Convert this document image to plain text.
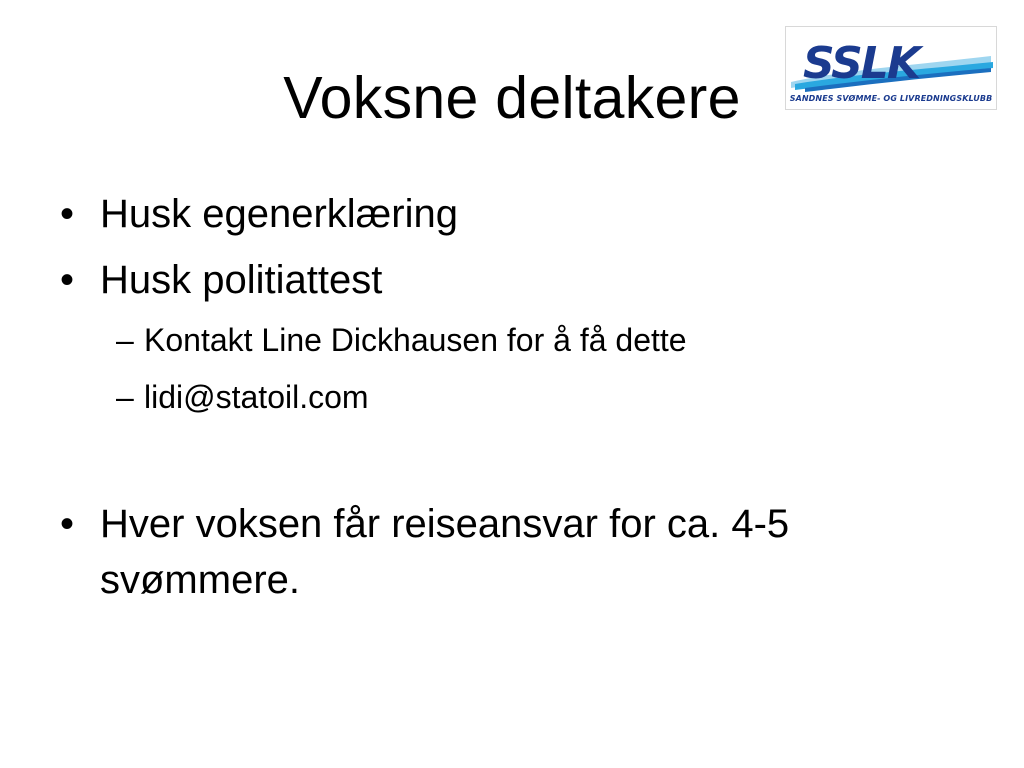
Voksne deltakere
SSLK
SANDNES SVØMME- OG LIVREDNINGSKLUBB
• Husk egenerklæring
• Husk politiattest
– Kontakt Line Dickhausen for å få dette
– lidi@statoil.com
• Hver voksen får reiseansvar for ca. 4-5
svømmere.
